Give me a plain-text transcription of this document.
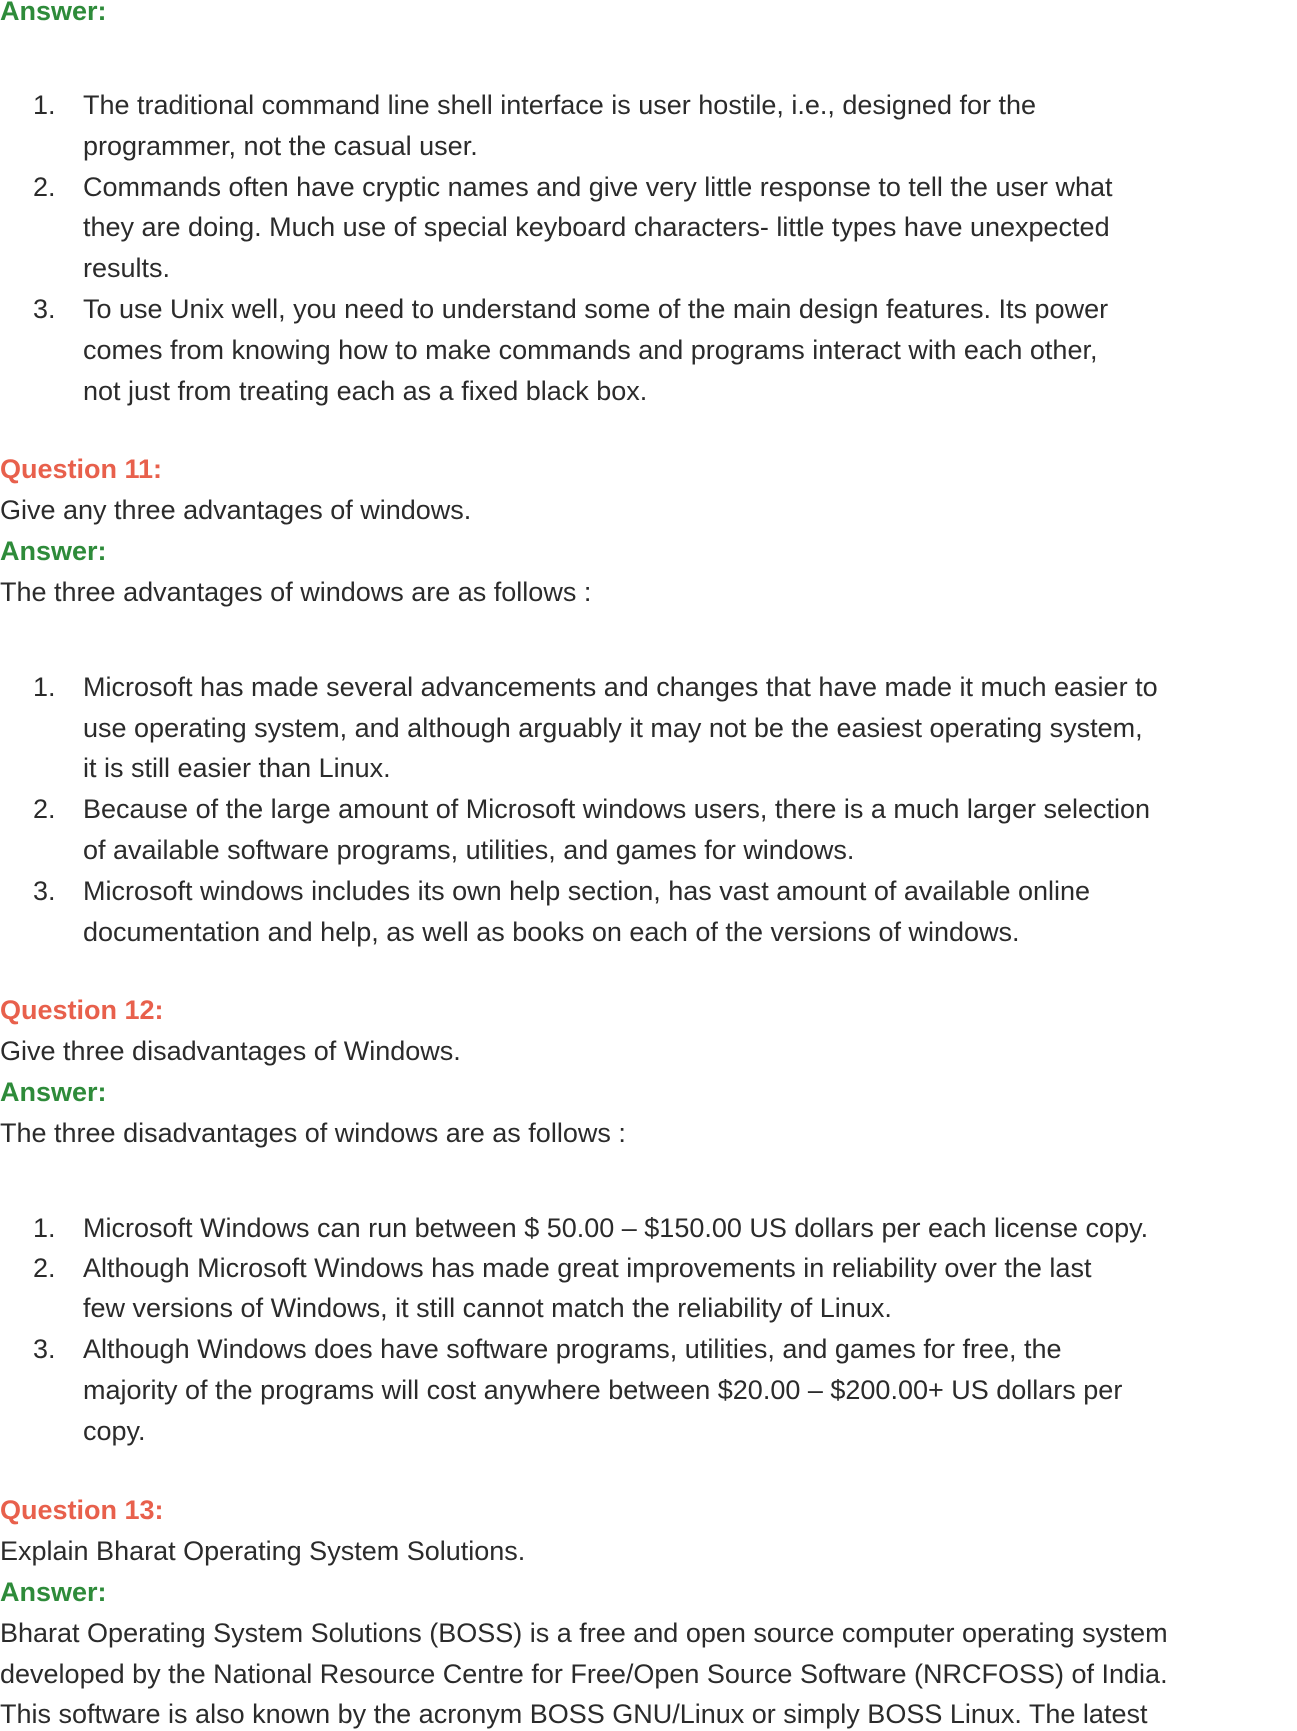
Answer:
1. The traditional command line shell interface is user hostile, i.e., designed for the
programmer, not the casual user.
2. Commands often have cryptic names and give very little response to tell the user what
they are doing. Much use of special keyboard characters- little types have unexpected
results.
3. To use Unix well, you need to understand some of the main design features. Its power
comes from knowing how to make commands and programs interact with each other,
not just from treating each as a fixed black box.
Question 11:
Give any three advantages of windows.
Answer:
The three advantages of windows are as follows :
1. Microsoft has made several advancements and changes that have made it much easier to
use operating system, and although arguably it may not be the easiest operating system,
it is still easier than Linux.
2. Because of the large amount of Microsoft windows users, there is a much larger selection
of available software programs, utilities, and games for windows.
3. Microsoft windows includes its own help section, has vast amount of available online
documentation and help, as well as books on each of the versions of windows.
Question 12:
Give three disadvantages of Windows.
Answer:
The three disadvantages of windows are as follows :
1. Microsoft Windows can run between $ 50.00 – $150.00 US dollars per each license copy.
2. Although Microsoft Windows has made great improvements in reliability over the last
few versions of Windows, it still cannot match the reliability of Linux.
3. Although Windows does have software programs, utilities, and games for free, the
majority of the programs will cost anywhere between $20.00 – $200.00+ US dollars per
copy.
Question 13:
Explain Bharat Operating System Solutions.
Answer:
Bharat Operating System Solutions (BOSS) is a free and open source computer operating system
developed by the National Resource Centre for Free/Open Source Software (NRCFOSS) of India.
This software is also known by the acronym BOSS GNU/Linux or simply BOSS Linux. The latest
